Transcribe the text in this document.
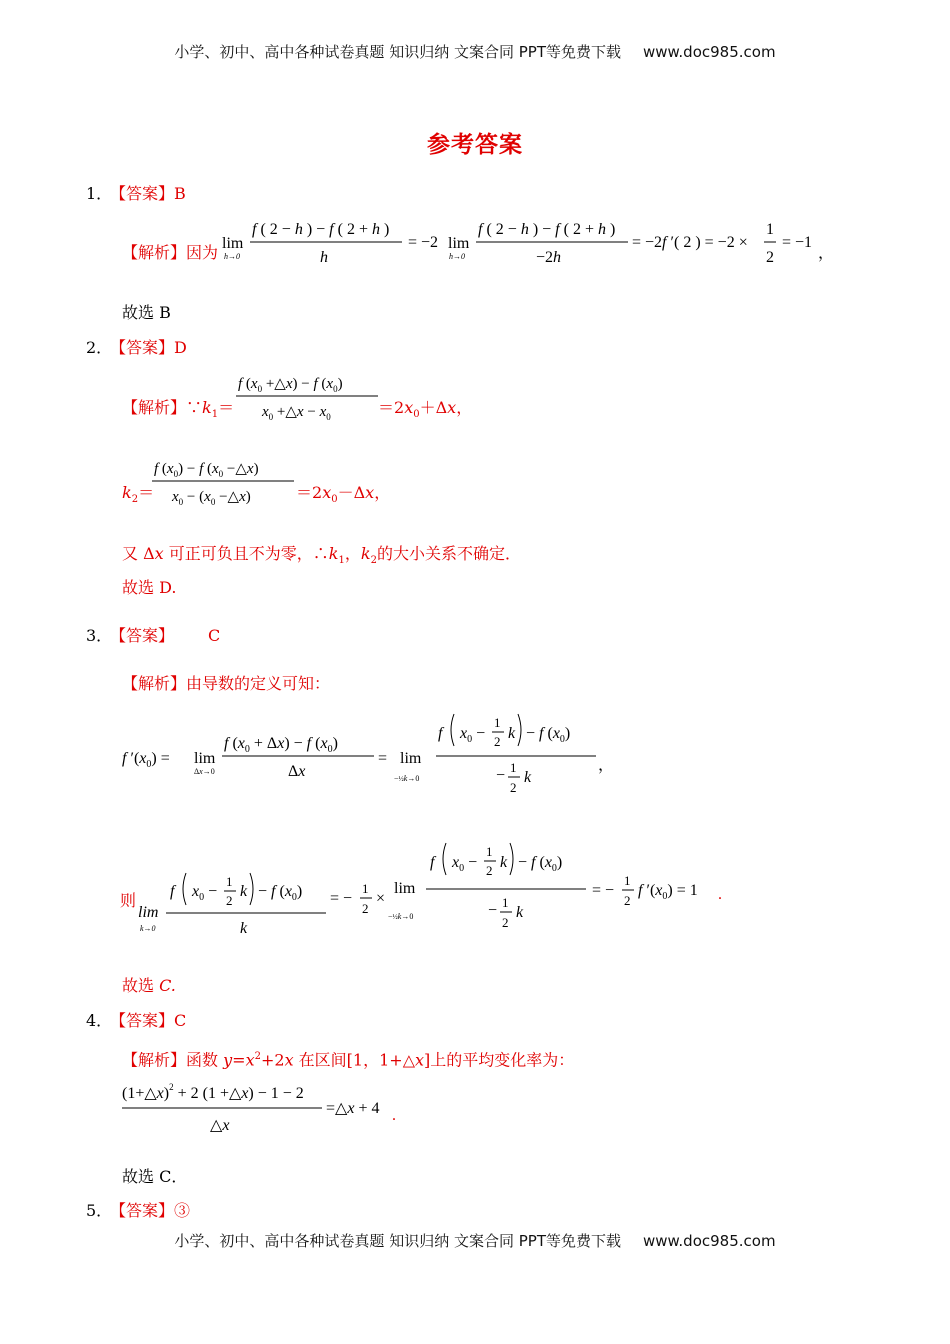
小学、初中、高中各种试卷真题 知识归纳 文案合同 PPT等免费下载 www.doc985.com
参考答案
1．
【答案】B
【解析】因为 lim
h→0
f ( 2 − h ) − f ( 2 + h )
h
= −2 lim
h→0
f ( 2 − h ) − f ( 2 + h )
−2h
= −2f ′( 2 ) = −2 ×
1
2
= −1
，
故选 B
2．
【答案】D
【解析】$\because k_1=$
f ($x_0$ +△x) − f $(x_0)$
$x_0$ +△x − $x_0$	$=2x_0+\Delta x$，
$k_2=$
f $(x_0) - f$ ($x_0$ −△x)
$x_0 - (x_0$ −△x)	$=2x_0-\Delta x$，
又 Δx 可正可负且不为零，$\therefore k_1$，$k_2$的大小关系不确定．
故选 D.
3．
【答案】 C
【解析】由导数的定义可知：
f $'(x_0) = \lim$
Δx→0
f $(x_0 + \Delta x) - f$ $(x_0)$
Δx
= lim
−½k→0
f $x_0$ −
1
2 k − f $(x_0)$
− 1
2
k
，
则
lim
k→0
f $x_0$ −
1
2
k − f $(x_0)$
k
= −
1
2
×
lim
−½k→0
f $x_0$ −
1
2 k − f $(x_0)$
− 1
2
k
= −
1
2
f $'(x_0) = 1$ .
故选 C.
4．
【答案】C
【解析】函数 $y=x^2+2x$ 在区间[1，1+△x]上的平均变化率为：
(1+△x)$^2$ + 2 (1 +△x) − 1 − 2
△x
=△x + 4 .
故选 C．
5．
【答案】③
小学、初中、高中各种试卷真题 知识归纳 文案合同 PPT等免费下载 www.doc985.com
